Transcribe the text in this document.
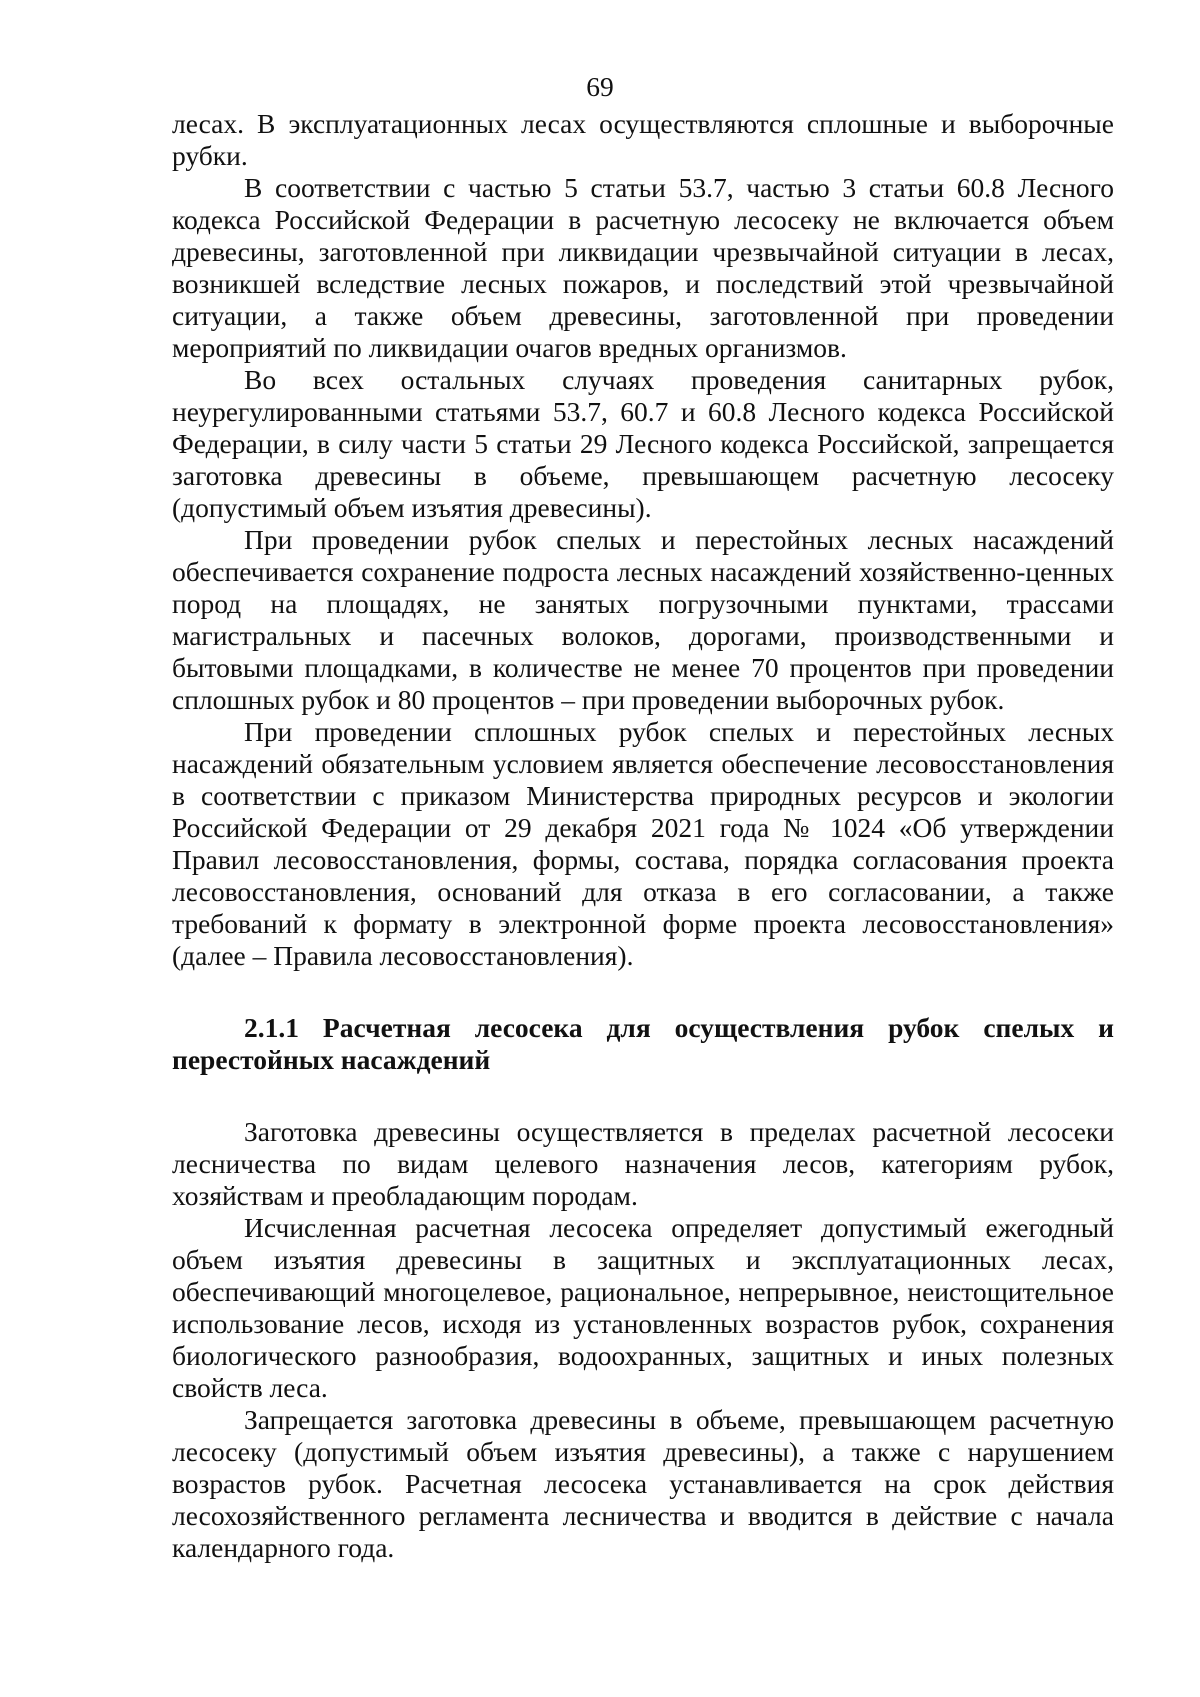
69

лесах. В эксплуатационных лесах осуществляются сплошные и выборочные рубки.

В соответствии с частью 5 статьи 53.7, частью 3 статьи 60.8 Лесного кодекса Российской Федерации в расчетную лесосеку не включается объем древесины, заготовленной при ликвидации чрезвычайной ситуации в лесах, возникшей вследствие лесных пожаров, и последствий этой чрезвычайной ситуации, а также объем древесины, заготовленной при проведении мероприятий по ликвидации очагов вредных организмов.

Во всех остальных случаях проведения санитарных рубок, неурегулированными статьями 53.7, 60.7 и 60.8 Лесного кодекса Российской Федерации, в силу части 5 статьи 29 Лесного кодекса Российской, запрещается заготовка древесины в объеме, превышающем расчетную лесосеку (допустимый объем изъятия древесины).

При проведении рубок спелых и перестойных лесных насаждений обеспечивается сохранение подроста лесных насаждений хозяйственно-ценных пород на площадях, не занятых погрузочными пунктами, трассами магистральных и пасечных волоков, дорогами, производственными и бытовыми площадками, в количестве не менее 70 процентов при проведении сплошных рубок и 80 процентов – при проведении выборочных рубок.

При проведении сплошных рубок спелых и перестойных лесных насаждений обязательным условием является обеспечение лесовосстановления в соответствии с приказом Министерства природных ресурсов и экологии Российской Федерации от 29 декабря 2021 года № 1024 «Об утверждении Правил лесовосстановления, формы, состава, порядка согласования проекта лесовосстановления, оснований для отказа в его согласовании, а также требований к формату в электронной форме проекта лесовосстановления» (далее – Правила лесовосстановления).

2.1.1 Расчетная лесосека для осуществления рубок спелых и перестойных насаждений

Заготовка древесины осуществляется в пределах расчетной лесосеки лесничества по видам целевого назначения лесов, категориям рубок, хозяйствам и преобладающим породам.

Исчисленная расчетная лесосека определяет допустимый ежегодный объем изъятия древесины в защитных и эксплуатационных лесах, обеспечивающий многоцелевое, рациональное, непрерывное, неистощительное использование лесов, исходя из установленных возрастов рубок, сохранения биологического разнообразия, водоохранных, защитных и иных полезных свойств леса.

Запрещается заготовка древесины в объеме, превышающем расчетную лесосеку (допустимый объем изъятия древесины), а также с нарушением возрастов рубок. Расчетная лесосека устанавливается на срок действия лесохозяйственного регламента лесничества и вводится в действие с начала календарного года.
